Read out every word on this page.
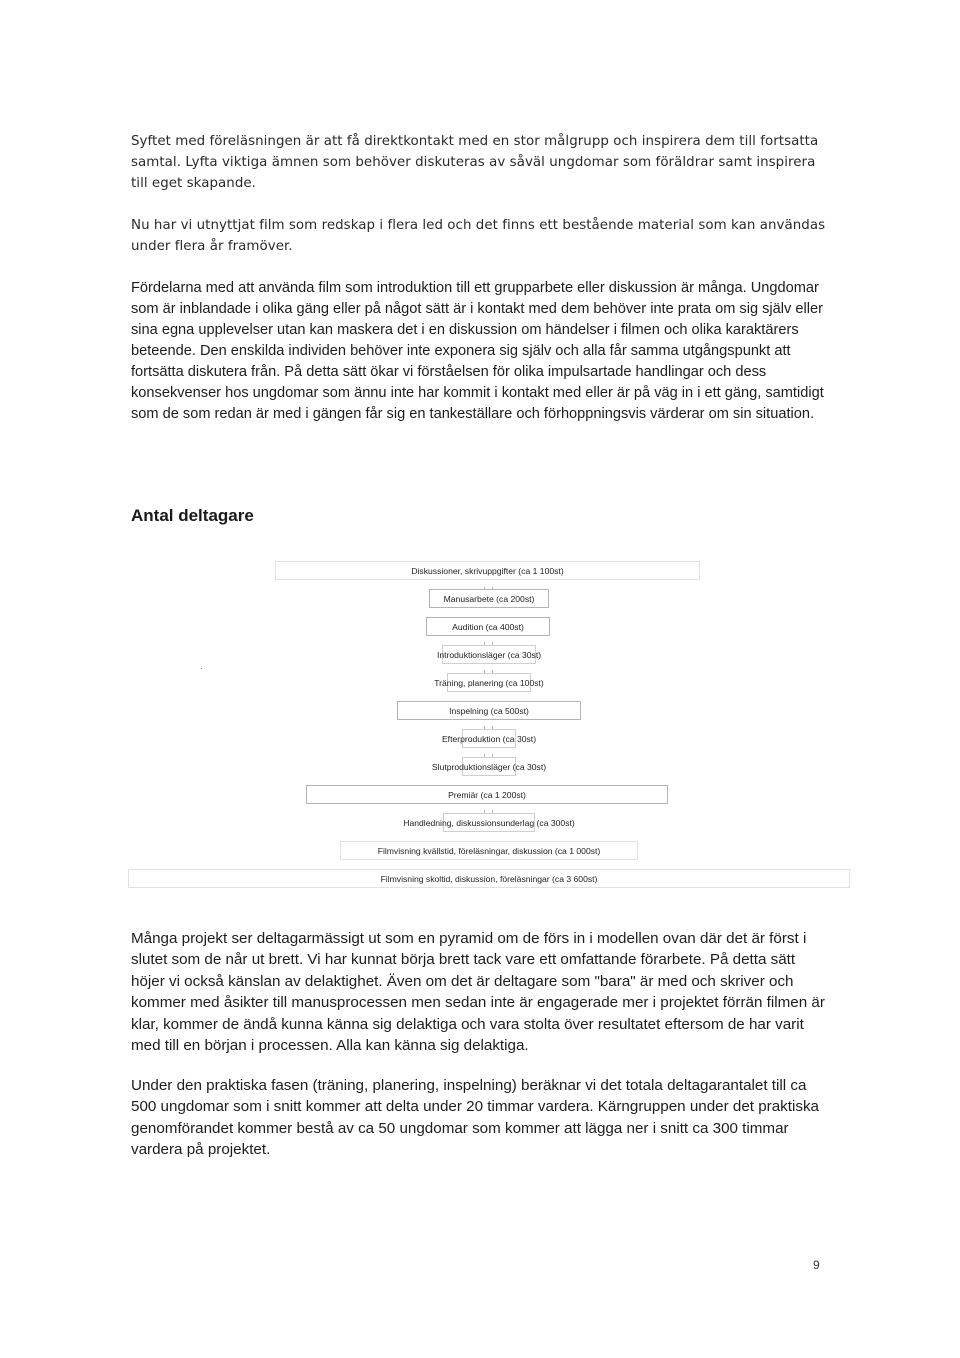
Syftet med föreläsningen är att få direktkontakt med en stor målgrupp och inspirera dem till fortsatta samtal. Lyfta viktiga ämnen som behöver diskuteras av såväl ungdomar som föräldrar samt inspirera till eget skapande.

Nu har vi utnyttjat film som redskap i flera led och det finns ett bestående material som kan användas under flera år framöver.

Fördelarna med att använda film som introduktion till ett grupparbete eller diskussion är många. Ungdomar som är inblandade i olika gäng eller på något sätt är i kontakt med dem behöver inte prata om sig själv eller sina egna upplevelser utan kan maskera det i en diskussion om händelser i filmen och olika karaktärers beteende. Den enskilda individen behöver inte exponera sig själv och alla får samma utgångspunkt att fortsätta diskutera från. På detta sätt ökar vi förståelsen för olika impulsartade handlingar och dess konsekvenser hos ungdomar som ännu inte har kommit i kontakt med eller är på väg in i ett gäng, samtidigt som de som redan är med i gängen får sig en tankeställare och förhoppningsvis värderar om sin situation.

Antal deltagare
Diskussioner, skrivuppgifter (ca 1 100st)
Manusarbete (ca 200st)
Audition (ca 400st)
Introduktionsläger (ca 30st)
Träning, planering (ca 100st)
Inspelning (ca 500st)
Efterproduktion (ca 30st)
Slutproduktionsläger (ca 30st)
Premiär (ca 1 200st)
Handledning, diskussionsunderlag (ca 300st)
Filmvisning kvällstid, föreläsningar, diskussion (ca 1 000st)
Filmvisning skoltid, diskussion, föreläsningar (ca 3 600st)

Många projekt ser deltagarmässigt ut som en pyramid om de förs in i modellen ovan där det är först i slutet som de når ut brett. Vi har kunnat börja brett tack vare ett omfattande förarbete. På detta sätt höjer vi också känslan av delaktighet. Även om det är deltagare som "bara" är med och skriver och kommer med åsikter till manusprocessen men sedan inte är engagerade mer i projektet förrän filmen är klar, kommer de ändå kunna känna sig delaktiga och vara stolta över resultatet eftersom de har varit med till en början i processen. Alla kan känna sig delaktiga.

Under den praktiska fasen (träning, planering, inspelning) beräknar vi det totala deltagarantalet till ca 500 ungdomar som i snitt kommer att delta under 20 timmar vardera. Kärngruppen under det praktiska genomförandet kommer bestå av ca 50 ungdomar som kommer att lägga ner i snitt ca 300 timmar vardera på projektet.

9
